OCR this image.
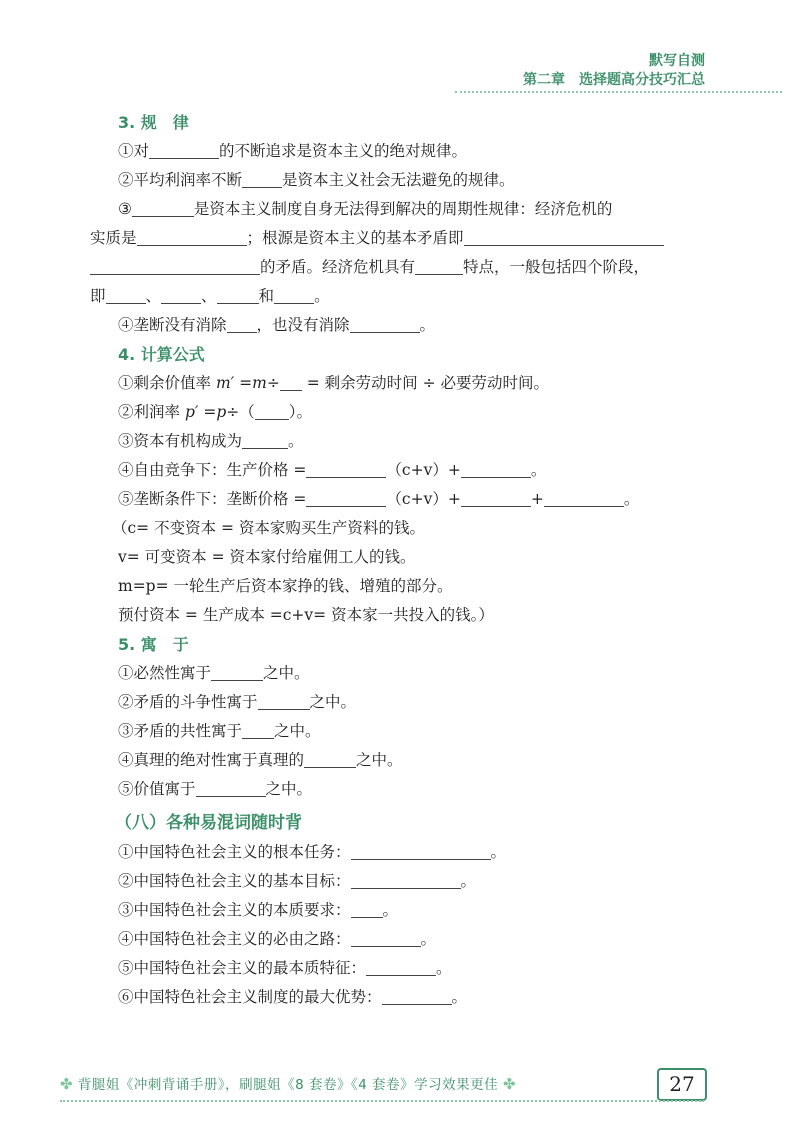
默写自测
第二章 选择题高分技巧汇总
3. 规　律
①对	的不断追求是资本主义的绝对规律。
②平均利润率不断	是资本主义社会无法避免的规律。
③	是资本主义制度自身无法得到解决的周期性规律：经济危机的
实质是	；根源是资本主义的基本矛盾即
的矛盾。经济危机具有	特点，一般包括四个阶段，
即	、	、	和	。
④垄断没有消除 ，也没有消除	。
4. 计算公式
①剩余价值率 m′ =m÷ = 剩余劳动时间 ÷ 必要劳动时间。
②利润率 p′ =p÷（ ）。
③资本有机构成为	。
④自由竞争下：生产价格 =	（c+v）+	。
⑤垄断条件下：垄断价格 =	（c+v）+	+	。
（c= 不变资本 = 资本家购买生产资料的钱。
v= 可变资本 = 资本家付给雇佣工人的钱。
m=p= 一轮生产后资本家挣的钱、增殖的部分。
预付资本 = 生产成本 =c+v= 资本家一共投入的钱。）
5. 寓　于
①必然性寓于	之中。
②矛盾的斗争性寓于	之中。
③矛盾的共性寓于 之中。
④真理的绝对性寓于真理的	之中。
⑤价值寓于	之中。
（八）各种易混词随时背
①中国特色社会主义的根本任务：	。
②中国特色社会主义的基本目标：	。
③中国特色社会主义的本质要求： 。
④中国特色社会主义的必由之路：	。
⑤中国特色社会主义的最本质特征：	。
⑥中国特色社会主义制度的最大优势：	。
✤ 背腿姐《冲刺背诵手册》，刷腿姐《8 套卷》《4 套卷》学习效果更佳 ✤	27
